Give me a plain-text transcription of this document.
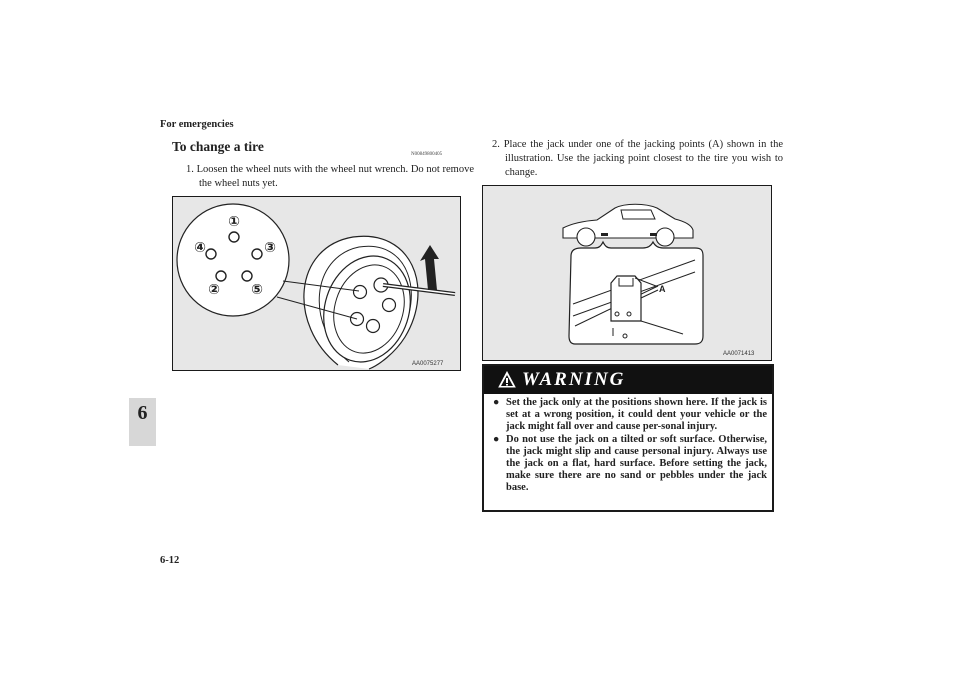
For emergencies
6
6-12
To change a tire
N00849800405
1. Loosen the wheel nuts with the wheel nut wrench. Do not remove the wheel nuts yet.
①
②
③
④
⑤
AA0075277
2. Place the jack under one of the jacking points (A) shown in the illustration. Use the jacking point closest to the tire you wish to change.
A
AA0071413
WARNING
● Set the jack only at the positions shown here. If the jack is set at a wrong position, it could dent your vehicle or the jack might fall over and cause per-sonal injury.
● Do not use the jack on a tilted or soft surface. Otherwise, the jack might slip and cause personal injury. Always use the jack on a flat, hard surface. Before setting the jack, make sure there are no sand or pebbles under the jack base.
